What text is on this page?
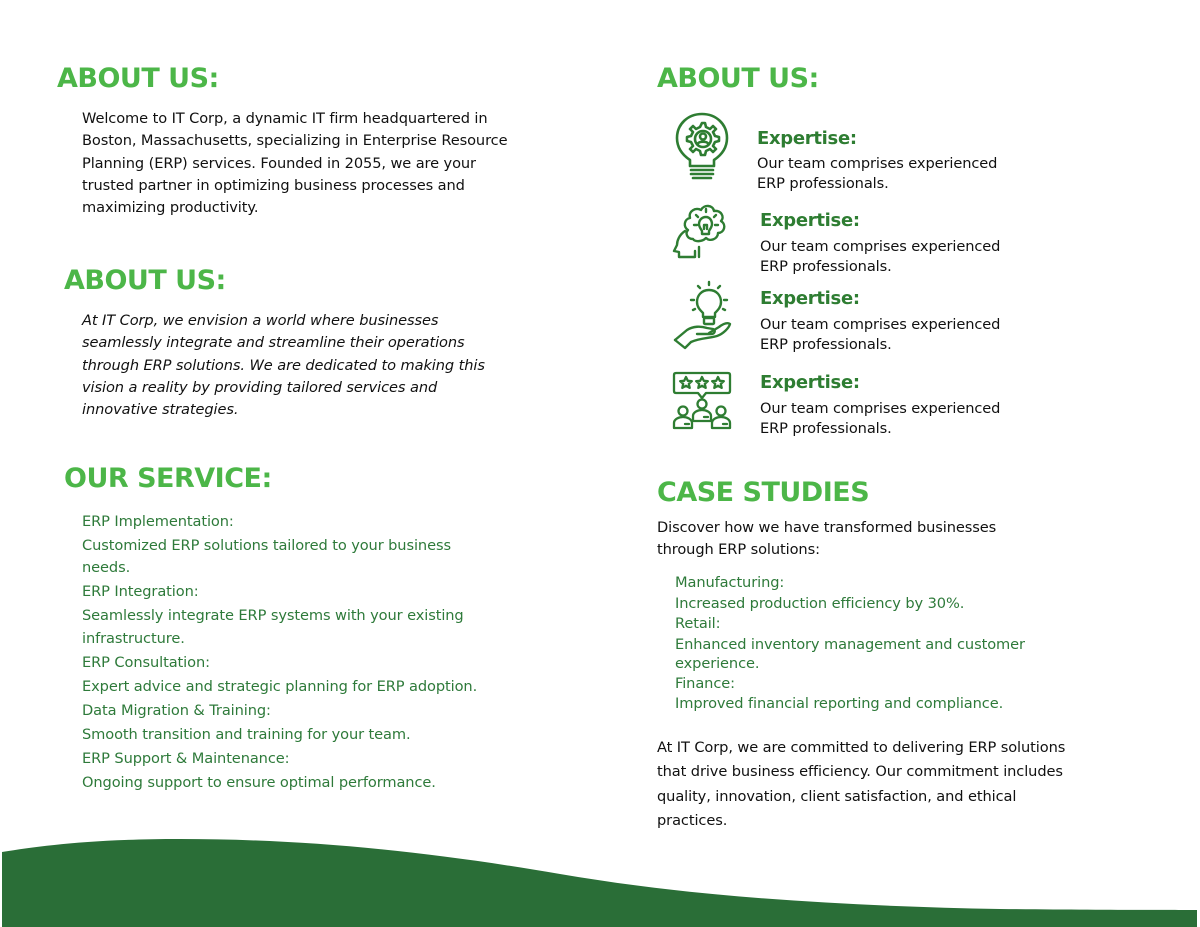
ABOUT US:

Welcome to IT Corp, a dynamic IT firm headquartered in Boston, Massachusetts, specializing in Enterprise Resource Planning (ERP) services. Founded in 2055, we are your trusted partner in optimizing business processes and maximizing productivity.

ABOUT US:

At IT Corp, we envision a world where businesses seamlessly integrate and streamline their operations through ERP solutions. We are dedicated to making this vision a reality by providing tailored services and innovative strategies.

OUR SERVICE:
ERP Implementation:
Customized ERP solutions tailored to your business needs.
ERP Integration:
Seamlessly integrate ERP systems with your existing infrastructure.
ERP Consultation:
Expert advice and strategic planning for ERP adoption.
Data Migration & Training:
Smooth transition and training for your team.
ERP Support & Maintenance:
Ongoing support to ensure optimal performance.
ABOUT US:
Expertise:
Our team comprises experienced ERP professionals.
Expertise:
Our team comprises experienced ERP professionals.
Expertise:
Our team comprises experienced ERP professionals.
Expertise:
Our team comprises experienced ERP professionals.
CASE STUDIES

Discover how we have transformed businesses through ERP solutions:

Manufacturing:
Increased production efficiency by 30%.
Retail:
Enhanced inventory management and customer experience.
Finance:
Improved financial reporting and compliance.

At IT Corp, we are committed to delivering ERP solutions that drive business efficiency. Our commitment includes quality, innovation, client satisfaction, and ethical practices.
